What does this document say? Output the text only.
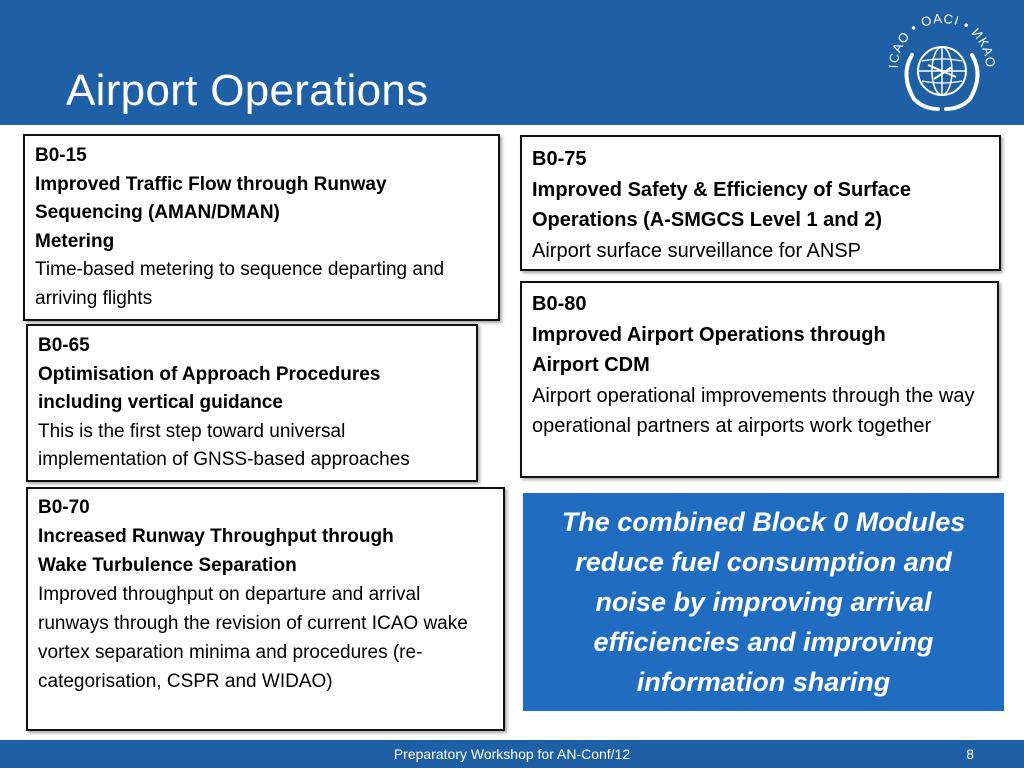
Airport Operations
ICAO • OACI • ИКАО
B0-15
Improved Traffic Flow through Runway
Sequencing (AMAN/DMAN)
Metering
Time-based metering to sequence departing and arriving flights
B0-65
Optimisation of Approach Procedures
including vertical guidance
This is the first step toward universal implementation of GNSS-based approaches
B0-70
Increased Runway Throughput through
Wake Turbulence Separation
Improved throughput on departure and arrival runways through the revision of current ICAO wake vortex separation minima and procedures (re-categorisation, CSPR and WIDAO)
B0-75
Improved Safety & Efficiency of Surface
Operations (A-SMGCS Level 1 and 2)
Airport surface surveillance for ANSP
B0-80
Improved Airport Operations through
Airport CDM
Airport operational improvements through the way operational partners at airports work together
The combined Block 0 Modules reduce fuel consumption and noise by improving arrival efficiencies and improving information sharing
Preparatory Workshop for AN-Conf/12	8
